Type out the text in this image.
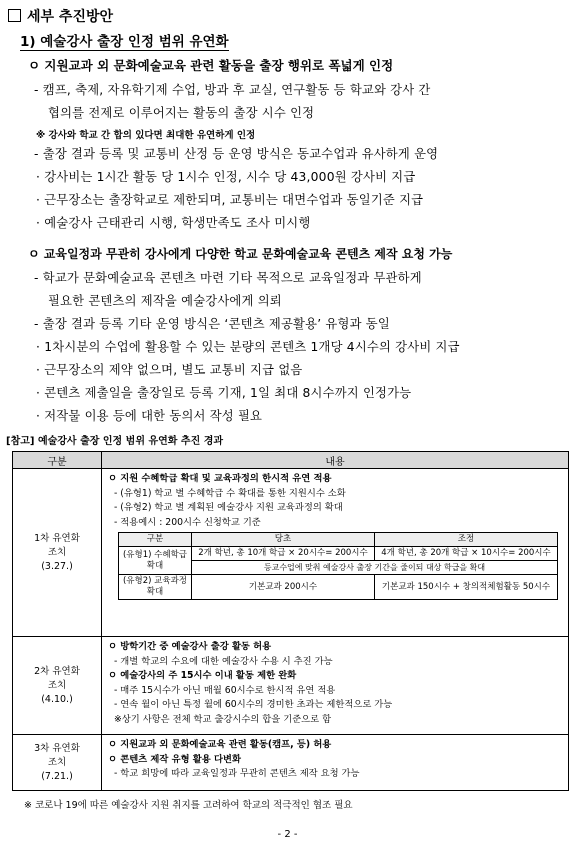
세부 추진방안
1) 예술강사 출장 인정 범위 유연화
ㅇ 지원교과 외 문화예술교육 관련 활동을 출장 행위로 폭넓게 인정
- 캠프, 축제, 자유학기제 수업, 방과 후 교실, 연구활동 등 학교와 강사 간
협의를 전제로 이루어지는 활동의 출장 시수 인정
※ 강사와 학교 간 합의 있다면 최대한 유연하게 인정
- 출장 결과 등록 및 교통비 산정 등 운영 방식은 동교수업과 유사하게 운영
· 강사비는 1시간 활동 당 1시수 인정, 시수 당 43,000원 강사비 지급
· 근무장소는 출장학교로 제한되며, 교통비는 대면수업과 동일기준 지급
· 예술강사 근태관리 시행, 학생만족도 조사 미시행
ㅇ 교육일정과 무관히 강사에게 다양한 학교 문화예술교육 콘텐츠 제작 요청 가능
- 학교가 문화예술교육 콘텐츠 마련 기타 목적으로 교육일정과 무관하게
필요한 콘텐츠의 제작을 예술강사에게 의뢰
- 출장 결과 등록 기타 운영 방식은 ‘콘텐츠 제공활용’ 유형과 동일
· 1차시분의 수업에 활용할 수 있는 분량의 콘텐츠 1개당 4시수의 강사비 지급
· 근무장소의 제약 없으며, 별도 교통비 지급 없음
· 콘텐츠 제출일을 출장일로 등록 기재, 1일 최대 8시수까지 인정가능
· 저작물 이용 등에 대한 동의서 작성 필요
[참고] 예술강사 출장 인정 범위 유연화 추진 경과
구분	내용

1차 유연화
조치
(3.27.)

ㅇ 지원 수혜학급 확대 및 교육과정의 한시적 유연 적용
- (유형1) 학교 별 수혜학급 수 확대를 통한 지원시수 소화
- (유형2) 학교 별 계획된 예술강사 지원 교육과정의 확대
- 적용예시 : 200시수 신청학교 기준
구분	당초	조정
(유형1) 수혜학급 확대	2개 학년, 총 10개 학급 × 20시수= 200시수	4개 학년, 총 20개 학급 × 10시수= 200시수
등교수업에 맞춰 예술강사 출장 기간을 줄이되 대상 학급을 확대
(유형2) 교육과정 확대	기본교과 200시수	기본교과 150시수 + 창의적체험활동 50시수

2차 유연화
조치
(4.10.)

ㅇ 방학기간 중 예술강사 출강 활동 허용
- 개별 학교의 수요에 대한 예술강사 수용 시 추진 가능
ㅇ 예술강사의 주 15시수 이내 활동 제한 완화
- 매주 15시수가 아닌 매월 60시수로 한시적 유연 적용
- 연속 월이 아닌 특정 월에 60시수의 경미한 초과는 제한적으로 가능
※상기 사항은 전체 학교 출강시수의 합을 기준으로 함

3차 유연화
조치
(7.21.)

ㅇ 지원교과 외 문화예술교육 관련 활동(캠프, 등) 허용
ㅇ 콘텐츠 제작 유형 활용 다변화
- 학교 희망에 따라 교육일정과 무관히 콘텐츠 제작 요청 가능
※ 코로나 19에 따른 예술강사 지원 취지를 고려하여 학교의 적극적인 협조 필요
- 2 -
